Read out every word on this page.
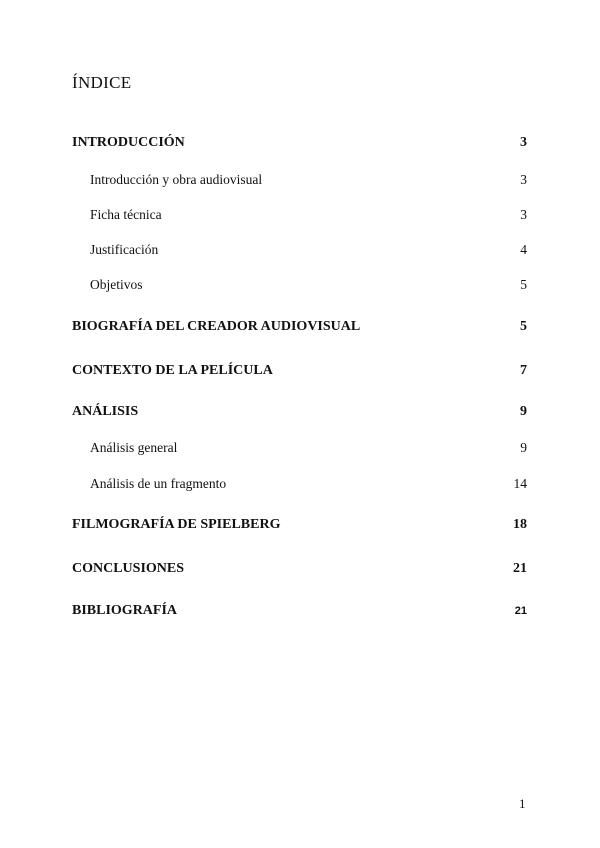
ÍNDICE
INTRODUCCIÓN	3
Introducción y obra audiovisual	3
Ficha técnica	3
Justificación	4
Objetivos	5
BIOGRAFÍA DEL CREADOR AUDIOVISUAL	5
CONTEXTO DE LA PELÍCULA	7
ANÁLISIS	9
Análisis general	9
Análisis de un fragmento	14
FILMOGRAFÍA DE SPIELBERG	18
CONCLUSIONES	21
BIBLIOGRAFÍA	21
1
